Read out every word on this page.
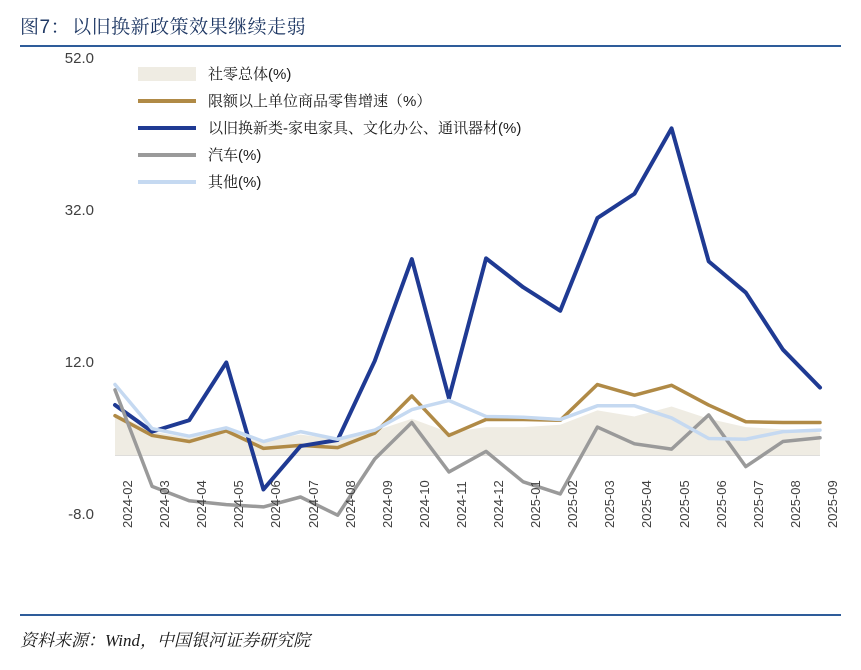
图7： 以旧换新政策效果继续走弱
-8.0
12.0
32.0
52.0
2024-02 2024-03 2024-04 2024-05 2024-06 2024-07 2024-08 2024-09 2024-10 2024-11 2024-12 2025-01 2025-02 2025-03 2025-04 2025-05 2025-06 2025-07 2025-08 2025-09
社零总体(%)
限额以上单位商品零售增速（%）
以旧换新类-家电家具、文化办公、通讯器材(%)
汽车(%)
其他(%)
资料来源：Wind，中国银河证券研究院
